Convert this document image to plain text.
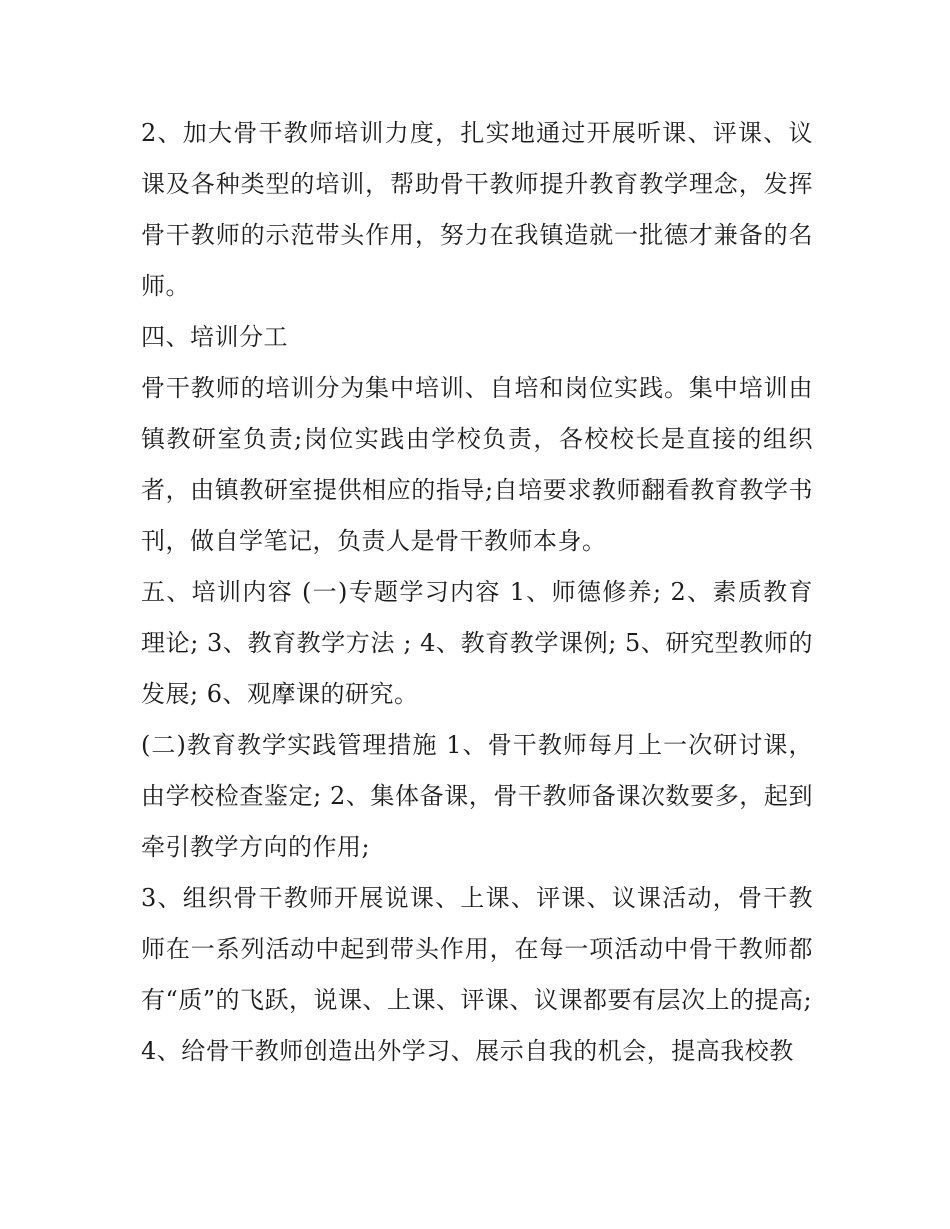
2、加大骨干教师培训力度，扎实地通过开展听课、评课、议课及各种类型的培训，帮助骨干教师提升教育教学理念，发挥骨干教师的示范带头作用，努力在我镇造就一批德才兼备的名师。

四、培训分工

骨干教师的培训分为集中培训、自培和岗位实践。集中培训由镇教研室负责;岗位实践由学校负责，各校校长是直接的组织者，由镇教研室提供相应的指导;自培要求教师翻看教育教学书刊，做自学笔记，负责人是骨干教师本身。

五、培训内容 (一)专题学习内容 1、师德修养; 2、素质教育理论; 3、教育教学方法 ; 4、教育教学课例; 5、研究型教师的发展; 6、观摩课的研究。

(二)教育教学实践管理措施 1、骨干教师每月上一次研讨课，由学校检查鉴定; 2、集体备课，骨干教师备课次数要多，起到牵引教学方向的作用;

3、组织骨干教师开展说课、上课、评课、议课活动，骨干教师在一系列活动中起到带头作用，在每一项活动中骨干教师都有“质”的飞跃，说课、上课、评课、议课都要有层次上的提高;

4、给骨干教师创造出外学习、展示自我的机会，提高我校教
